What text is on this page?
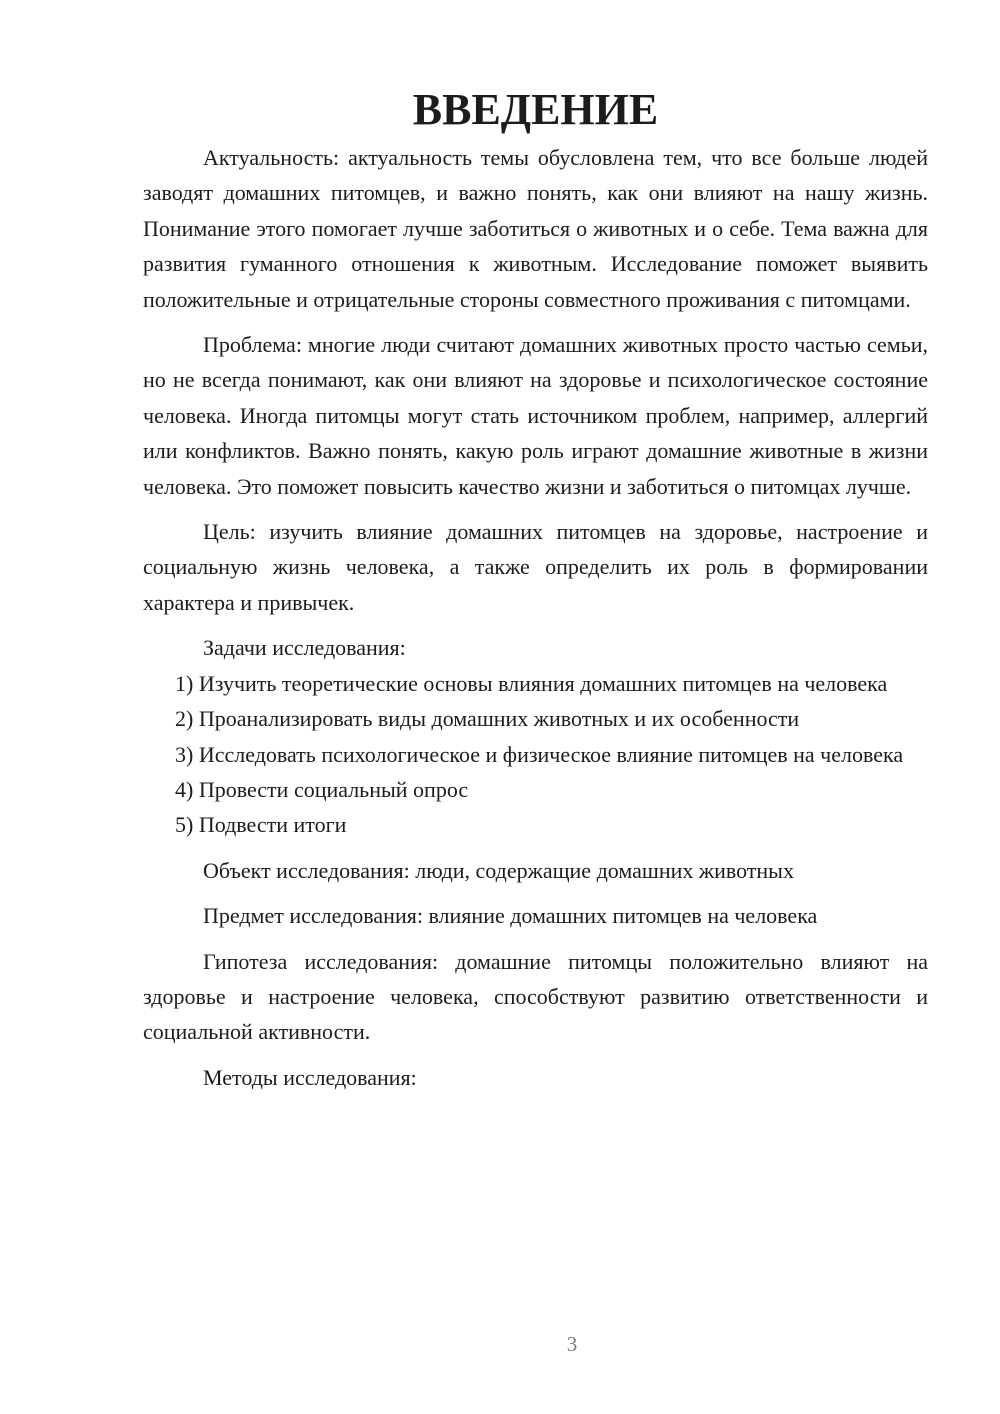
ВВЕДЕНИЕ

Актуальность: актуальность темы обусловлена тем, что все больше людей заводят домашних питомцев, и важно понять, как они влияют на нашу жизнь. Понимание этого помогает лучше заботиться о животных и о себе. Тема важна для развития гуманного отношения к животным. Исследование поможет выявить положительные и отрицательные стороны совместного проживания с питомцами.

Проблема: многие люди считают домашних животных просто частью семьи, но не всегда понимают, как они влияют на здоровье и психологическое состояние человека. Иногда питомцы могут стать источником проблем, например, аллергий или конфликтов. Важно понять, какую роль играют домашние животные в жизни человека. Это поможет повысить качество жизни и заботиться о питомцах лучше.

Цель: изучить влияние домашних питомцев на здоровье, настроение и социальную жизнь человека, а также определить их роль в формировании характера и привычек.

Задачи исследования:

1) Изучить теоретические основы влияния домашних питомцев на человека

2) Проанализировать виды домашних животных и их особенности

3) Исследовать психологическое и физическое влияние питомцев на человека

4) Провести социальный опрос

5) Подвести итоги

Объект исследования: люди, содержащие домашних животных

Предмет исследования: влияние домашних питомцев на человека

Гипотеза исследования: домашние питомцы положительно влияют на здоровье и настроение человека, способствуют развитию ответственности и социальной активности.

Методы исследования:

3
